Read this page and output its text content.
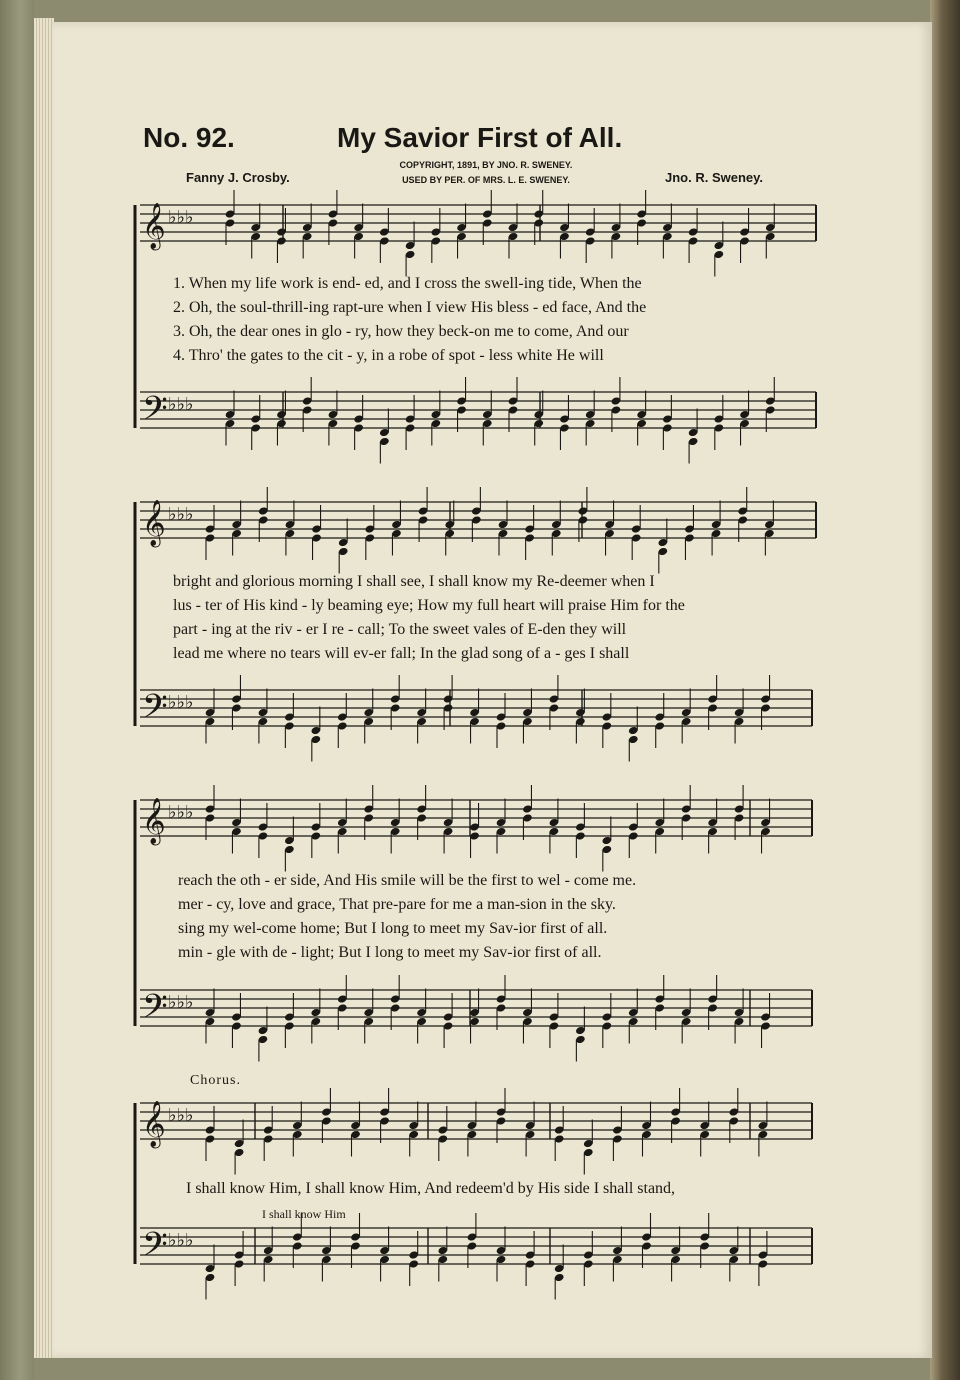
No. 92.	My Savior First of All.
COPYRIGHT, 1891, BY JNO. R. SWENEY.
USED BY PER. OF MRS. L. E. SWENEY.
Fanny J. Crosby.	Jno. R. Sweney.
𝄞 ♭♭♭
𝄢 ♭♭♭
𝄞 ♭♭♭
𝄢 ♭♭♭
𝄞 ♭♭♭
𝄢 ♭♭♭
𝄞 ♭♭♭
𝄢 ♭♭♭
1. When my life work is end- ed, and I cross the swell-ing tide, When the
2. Oh, the soul-thrill-ing rapt-ure when I view His bless - ed face, And the
3. Oh, the dear ones in glo - ry, how they beck-on me to come, And our
4. Thro' the gates to the cit - y, in a robe of spot - less white He will
bright and glorious morning I shall see, I shall know my Re-deemer when I
lus - ter of His kind - ly beaming eye; How my full heart will praise Him for the
part - ing at the riv - er I re - call; To the sweet vales of E-den they will
lead me where no tears will ev-er fall; In the glad song of a - ges I shall
reach the oth - er side, And His smile will be the first to wel - come me.
mer - cy, love and grace, That pre-pare for me a man-sion in the sky.
sing my wel-come home; But I long to meet my Sav-ior first of all.
min - gle with de - light; But I long to meet my Sav-ior first of all.
Chorus.
I shall know Him, I shall know Him, And redeem'd by His side I shall stand,
I shall know Him
